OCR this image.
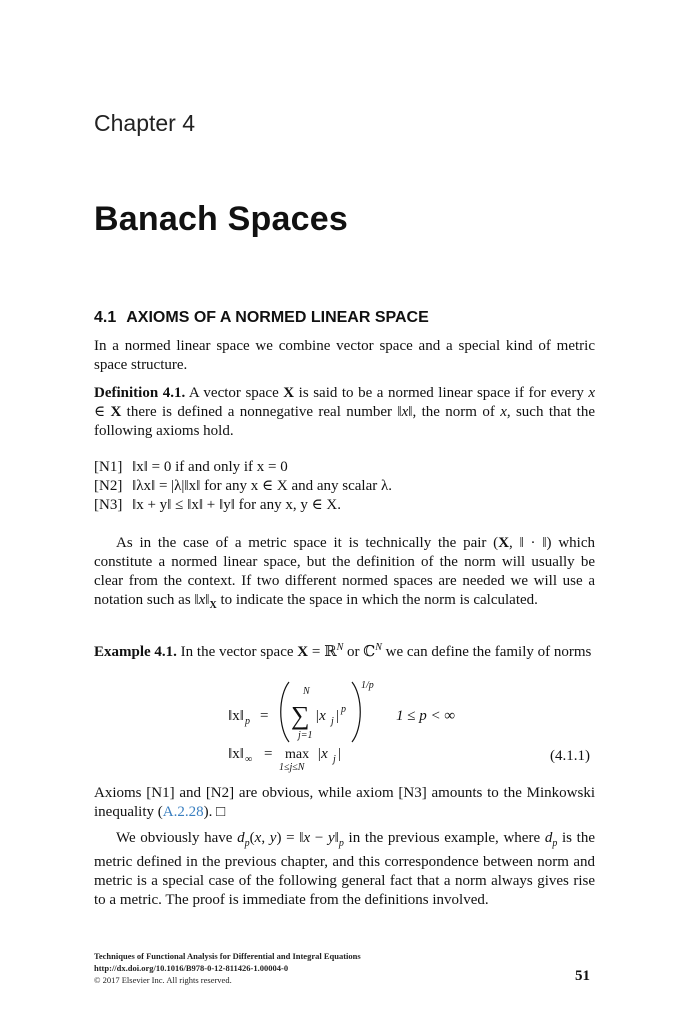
Chapter 4
Banach Spaces
4.1 AXIOMS OF A NORMED LINEAR SPACE
In a normed linear space we combine vector space and a special kind of metric space structure.
Definition 4.1. A vector space X is said to be a normed linear space if for every x ∈ X there is defined a nonnegative real number ‖x‖, the norm of x, such that the following axioms hold.
[N1] ‖x‖ = 0 if and only if x = 0
[N2] ‖λx‖ = |λ|‖x‖ for any x ∈ X and any scalar λ.
[N3] ‖x + y‖ ≤ ‖x‖ + ‖y‖ for any x, y ∈ X.
As in the case of a metric space it is technically the pair (X, ‖ · ‖) which constitute a normed linear space, but the definition of the norm will usually be clear from the context. If two different normed spaces are needed we will use a notation such as $‖x‖_X$ to indicate the space in which the norm is calculated.
Example 4.1. In the vector space X = ℝ$^N$ or ℂ$^N$ we can define the family of norms
‖x‖ p =
N
∑
j=1
|x j | p
1/p
1 ≤ p < ∞
‖x‖ ∞ = max
1≤j≤N
|x j |	(4.1.1)
Axioms [N1] and [N2] are obvious, while axiom [N3] amounts to the Minkowski inequality (A.2.28). □
We obviously have $d_p(x$, y) = ‖x − $y‖_p$ in the previous example, where $d_p$ is the metric defined in the previous chapter, and this correspondence between norm and metric is a special case of the following general fact that a norm always gives rise to a metric. The proof is immediate from the definitions involved.
Techniques of Functional Analysis for Differential and Integral Equations
http://dx.doi.org/10.1016/B978-0-12-811426-1.00004-0
© 2017 Elsevier Inc. All rights reserved.	51
